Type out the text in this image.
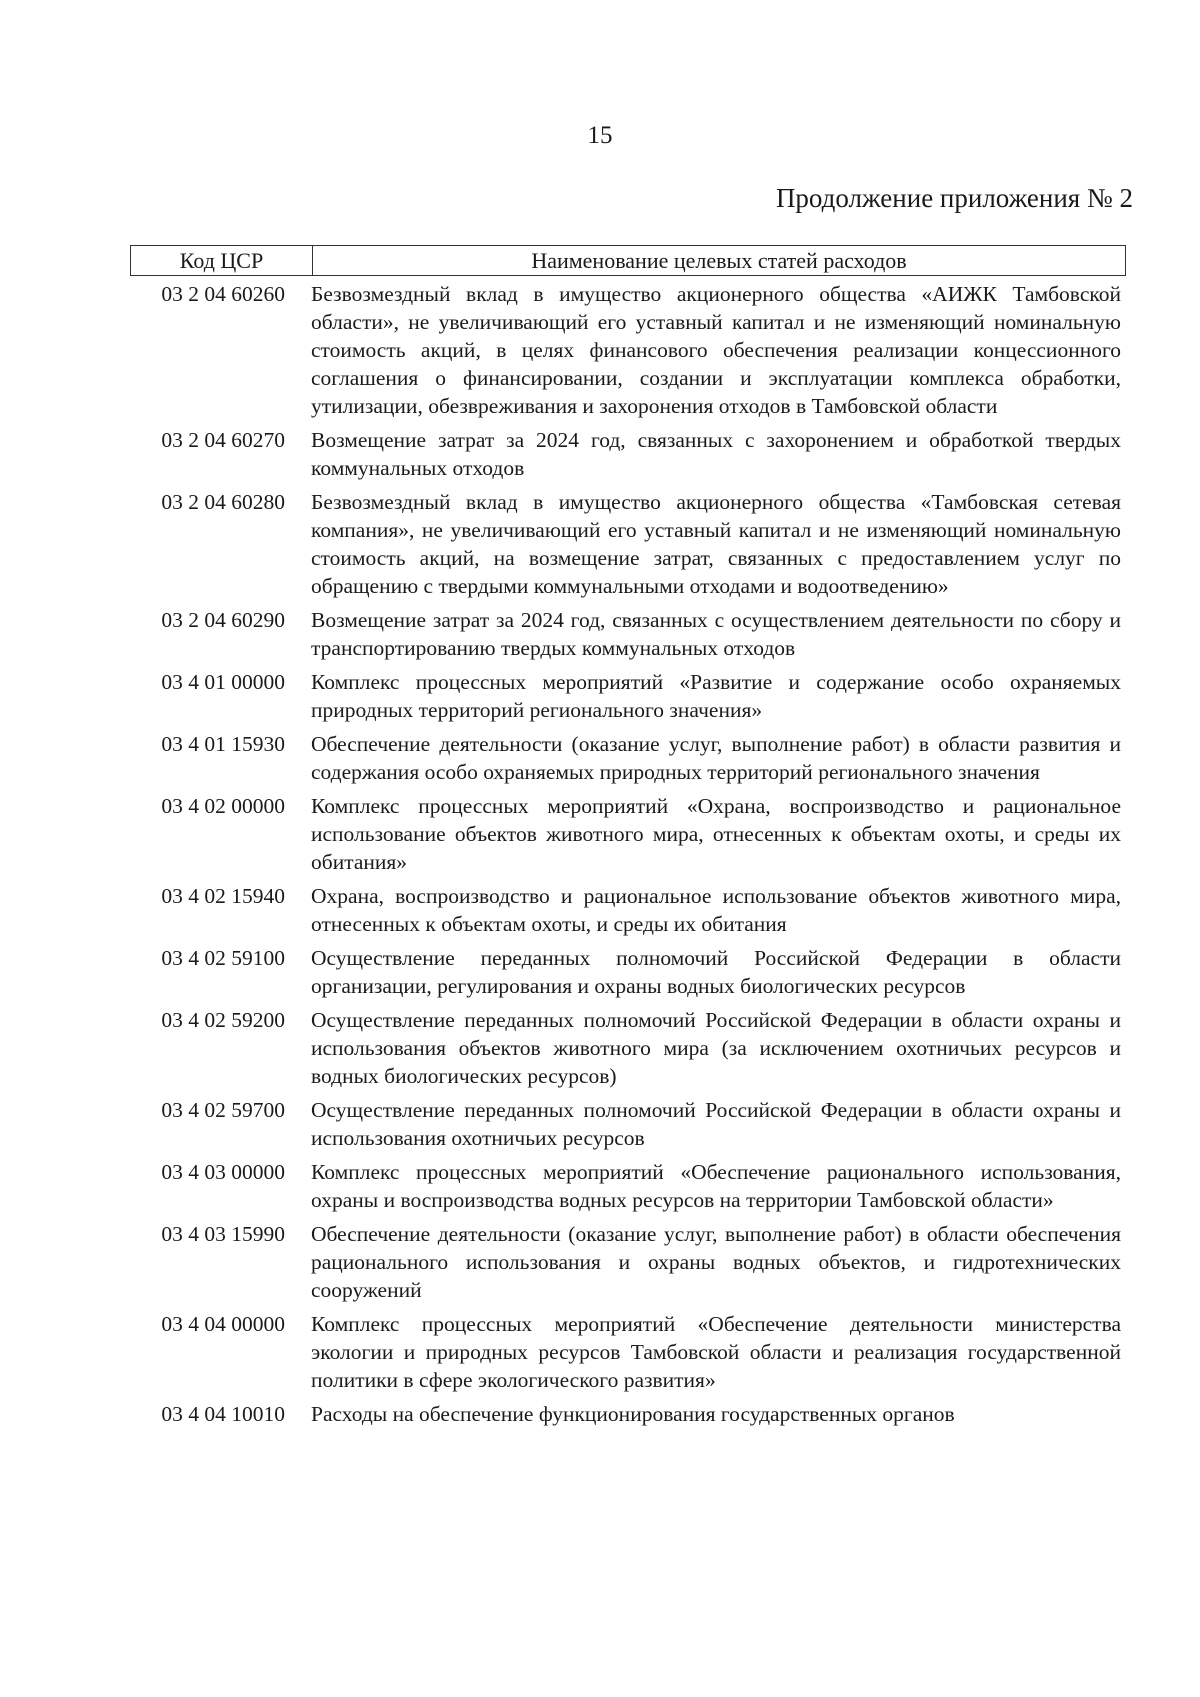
15
Продолжение приложения № 2
Код ЦСР	Наименование целевых статей расходов
03 2 04 60260	Безвозмездный вклад в имущество акционерного общества «АИЖК Тамбовской области», не увеличивающий его уставный капитал и не изменяющий номинальную стоимость акций, в целях финансового обеспечения реализации концессионного соглашения о финансировании, создании и эксплуатации комплекса обработки, утилизации, обезвреживания и захоронения отходов в Тамбовской области
03 2 04 60270	Возмещение затрат за 2024 год, связанных с захоронением и обработкой твердых коммунальных отходов
03 2 04 60280	Безвозмездный вклад в имущество акционерного общества «Тамбовская сетевая компания», не увеличивающий его уставный капитал и не изменяющий номинальную стоимость акций, на возмещение затрат, связанных с предоставлением услуг по обращению с твердыми коммунальными отходами и водоотведению»
03 2 04 60290	Возмещение затрат за 2024 год, связанных с осуществлением деятельности по сбору и транспортированию твердых коммунальных отходов
03 4 01 00000	Комплекс процессных мероприятий «Развитие и содержание особо охраняемых природных территорий регионального значения»
03 4 01 15930	Обеспечение деятельности (оказание услуг, выполнение работ) в области развития и содержания особо охраняемых природных территорий регионального значения
03 4 02 00000	Комплекс процессных мероприятий «Охрана, воспроизводство и рациональное использование объектов животного мира, отнесенных к объектам охоты, и среды их обитания»
03 4 02 15940	Охрана, воспроизводство и рациональное использование объектов животного мира, отнесенных к объектам охоты, и среды их обитания
03 4 02 59100	Осуществление переданных полномочий Российской Федерации в области организации, регулирования и охраны водных биологических ресурсов
03 4 02 59200	Осуществление переданных полномочий Российской Федерации в области охраны и использования объектов животного мира (за исключением охотничьих ресурсов и водных биологических ресурсов)
03 4 02 59700	Осуществление переданных полномочий Российской Федерации в области охраны и использования охотничьих ресурсов
03 4 03 00000	Комплекс процессных мероприятий «Обеспечение рационального использования, охраны и воспроизводства водных ресурсов на территории Тамбовской области»
03 4 03 15990	Обеспечение деятельности (оказание услуг, выполнение работ) в области обеспечения рационального использования и охраны водных объектов, и гидротехнических сооружений
03 4 04 00000	Комплекс процессных мероприятий «Обеспечение деятельности министерства экологии и природных ресурсов Тамбовской области и реализация государственной политики в сфере экологического развития»
03 4 04 10010	Расходы на обеспечение функционирования государственных органов
